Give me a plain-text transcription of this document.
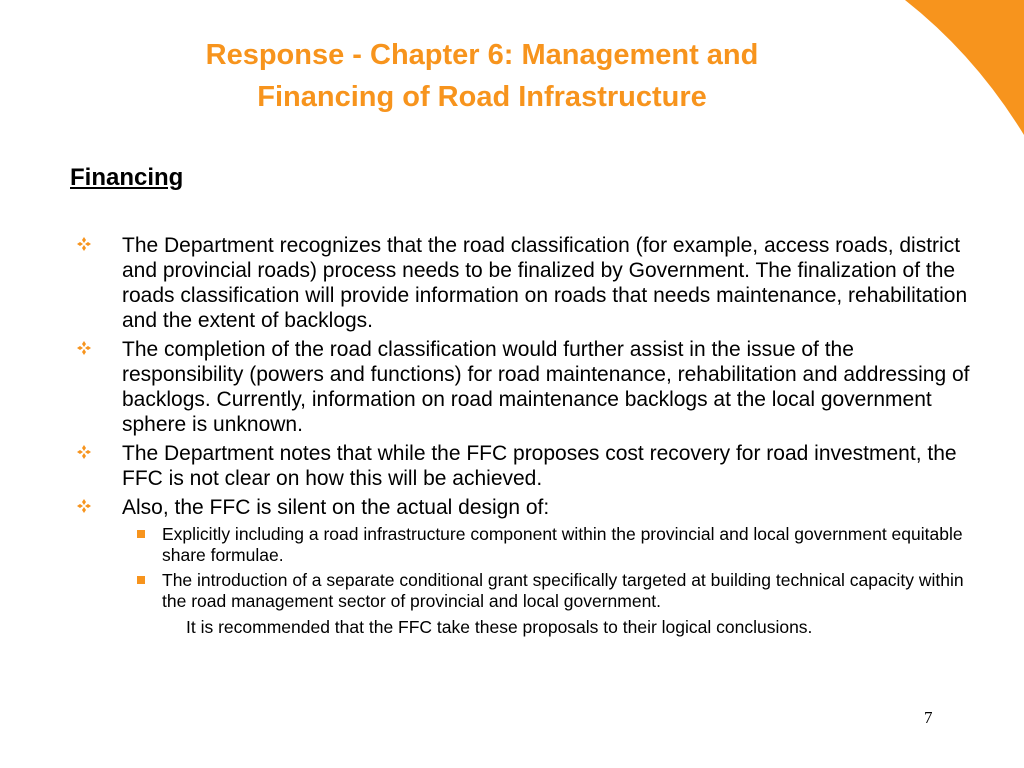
Response - Chapter 6: Management and
Financing of Road Infrastructure
Financing
The Department recognizes that the road classification (for example, access roads, district and provincial roads) process needs to be finalized by Government. The finalization of the roads classification will provide information on roads that needs maintenance, rehabilitation and the extent of backlogs.
The completion of the road classification would further assist in the issue of the responsibility (powers and functions) for road maintenance, rehabilitation and addressing of backlogs. Currently, information on road maintenance backlogs at the local government sphere is unknown.
The Department notes that while the FFC proposes cost recovery for road investment, the FFC is not clear on how this will be achieved.
Also, the FFC is silent on the actual design of:
Explicitly including a road infrastructure component within the provincial and local government equitable share formulae.
The introduction of a separate conditional grant specifically targeted at building technical capacity within the road management sector of provincial and local government.
It is recommended that the FFC take these proposals to their logical conclusions.
7
